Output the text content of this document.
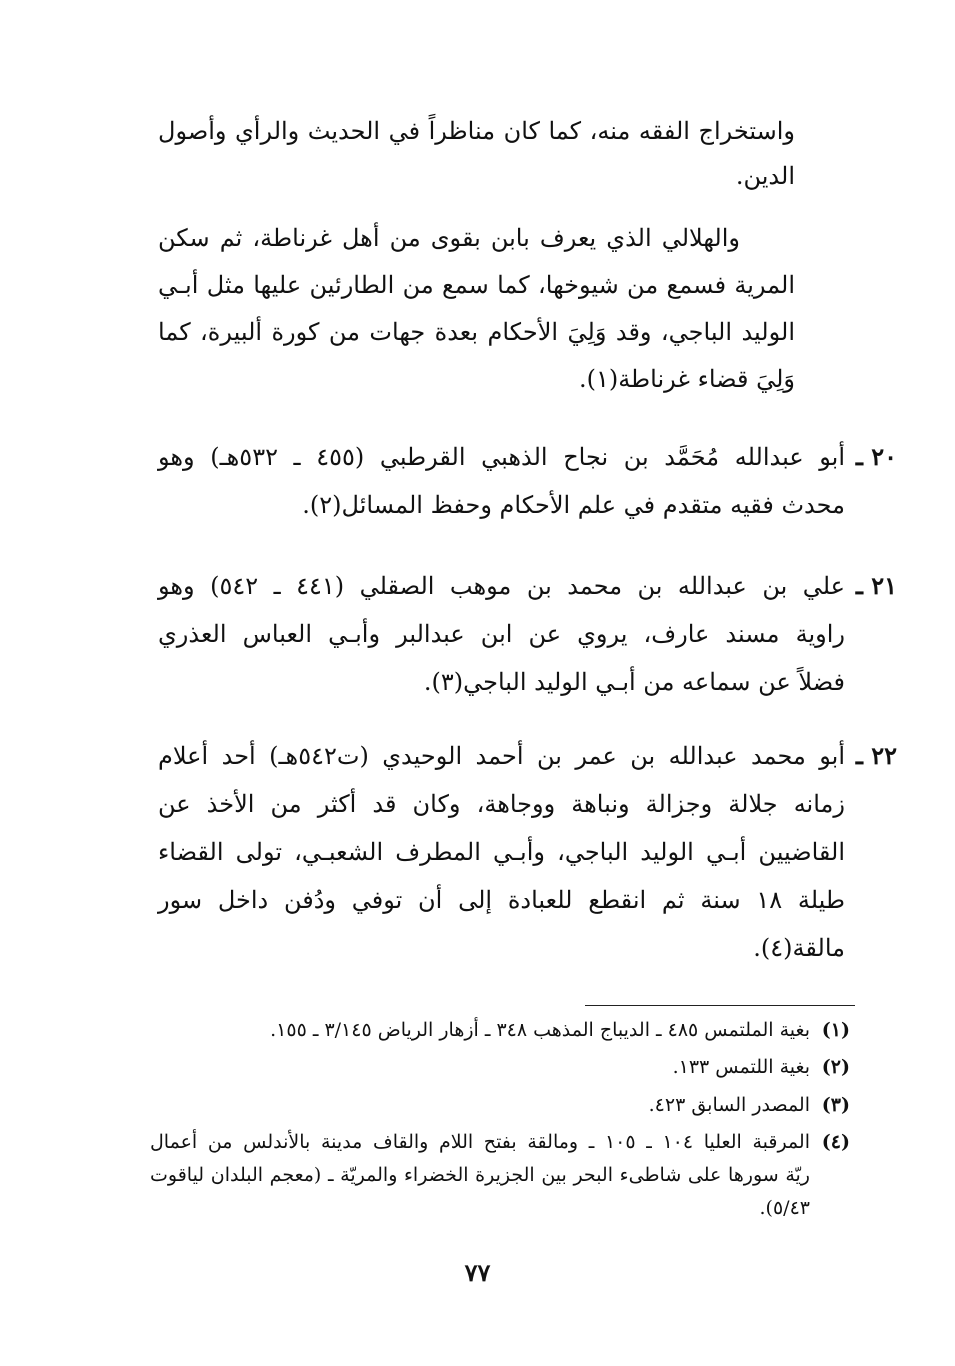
واستخراج الفقه منه، كما كان مناظراً في الحديث والرأي وأصول
الدين.
والهلالي الذي يعرف بابن بقوى من أهل غرناطة، ثم سكن
المرية فسمع من شيوخها، كما سمع من الطارئين عليها مثل أبـي
الوليد الباجي، وقد وَلِيَ الأحكام بعدة جهات من كورة ألبيرة، كما
وَلِيَ قضاء غرناطة(١).
٢٠ ـ
أبو عبدالله مُحَمَّد بن نجاح الذهبي القرطبي (٤٥٥ ـ ٥٣٢هـ) وهو
محدث فقيه متقدم في علم الأحكام وحفظ المسائل(٢).
٢١ ـ
علي بن عبدالله بن محمد بن موهب الصقلي (٤٤١ ـ ٥٤٢) وهو
راوية مسند عارف، يروي عن ابن عبدالبر وأبـي العباس العذري
فضلاً عن سماعه من أبـي الوليد الباجي(٣).
٢٢ ـ
أبو محمد عبدالله بن عمر بن أحمد الوحيدي (ت٥٤٢هـ) أحد أعلام
زمانه جلالة وجزالة ونباهة ووجاهة، وكان قد أكثر من الأخذ عن
القاضيين أبـي الوليد الباجي، وأبـي المطرف الشعبـي، تولى القضاء
طيلة ١٨ سنة ثم انقطع للعبادة إلى أن توفي ودُفن داخل سور
مالقة(٤).
(١)
بغية الملتمس ٤٨٥ ـ الديباج المذهب ٣٤٨ ـ أزهار الرياض ٣/١٤٥ ـ ١٥٥.
(٢)
بغية اللتمس ١٣٣.
(٣)
المصدر السابق ٤٢٣.
(٤)
المرقبة العليا ١٠٤ ـ ١٠٥ ـ ومالقة بفتح اللام والقاف مدينة بالأندلس من أعمال
ريّة سورها على شاطىء البحر بين الجزيرة الخضراء والمريّة ـ (معجم البلدان لياقوت
٥/٤٣).
٧٧
